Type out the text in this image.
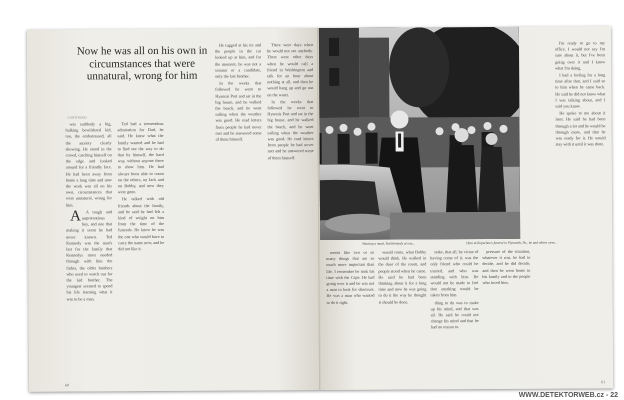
Now he was all on his own in circumstances that were unnatural, wrong for him
CONTINUED

was suddenly a big, hulking bewildered kid, too, the embarrassed, all the anxiety clearly showing. He stood in the crowd, catching himself on the edge and looked around for a friendly face. He had been away from home a long time and now the work was all on his own, circumstances that were unnatural, wrong for him.

A A tough and unpretentious boy, and one that making it seem he had never known. Ted Kennedy was the man's last for the family that Kennedys most needed through with him the father, the older brothers who used to watch out for the kid brother. The youngest seemed to spend his life learning what it was to be a man.

Ted had a tremendous admiration for Dad, he said. He knew what the family wanted and he had to find out the way to do that by himself, the hard way, without anyone there to show him. He had always been able to count on the others, on Jack and on Bobby, and now they were gone.

He talked with old friends about the family, and he said he had felt a kind of weight on him from the time of the funerals. He knew he was the one who would have to carry the name now, and he did not like it.

He tugged at his tie and the people in the car looked up at him, and for the moment, he was not a senator or a candidate, only the last brother.

In the weeks that followed he went to Hyannis Port and sat in the big house, and he walked the beach, and he went sailing when the weather was good. He read letters from people he had never met and he answered some of them himself.

There were days when he would not see anybody. There were other days when he would call a friend in Washington and talk for an hour about nothing at all, and then he would hang up and go out on the water.

In the weeks that followed he went to Hyannis Port and sat in the big house, and he walked the beach, and he went sailing when the weather was good. He read letters from people he had never met and he answered some of them himself.

60
Wearing a mask, Ted Kennedy at one...	Here at Kopechne's funeral in Plymouth, Pa., he and others were...

ments like two or so many things that are so much more important than life. I remember he took his time with the Cape. He had going over it and he was not a man to look for shortcuts. He was a man who wanted to do it right.

would come, what Bobby would think. He walked in the door of the room, and people stood when he came. He said he had been thinking about it for a long time and now he was going to do it the way he thought it should be done.

stake, that all, by virtue of having come of it, was the only friend who could be trusted, and who was standing with him. He would not be made to feel that anything would be taken from him.

thing to do was to make up his mind, and that was all. He said he could not change his mind and that he had no reason to.

pressure of the situation, whatever it was, he had to decide, and he did decide, and then he went home to his family and to the people who loved him.

I'm ready to go to my office. I would not say I'm sure about it, but I've been going over it and I know what I'm doing.

I had a feeling for a long time after that, and I said so to him when he came back. He said he did not know what I was talking about, and I said you know.

He spoke to me about it later. He said he had been through a lot and he would be through more, and that he was ready for it. He would stay with it until it was done.

61
WWW.DETEKTORWEB.cz - 22
